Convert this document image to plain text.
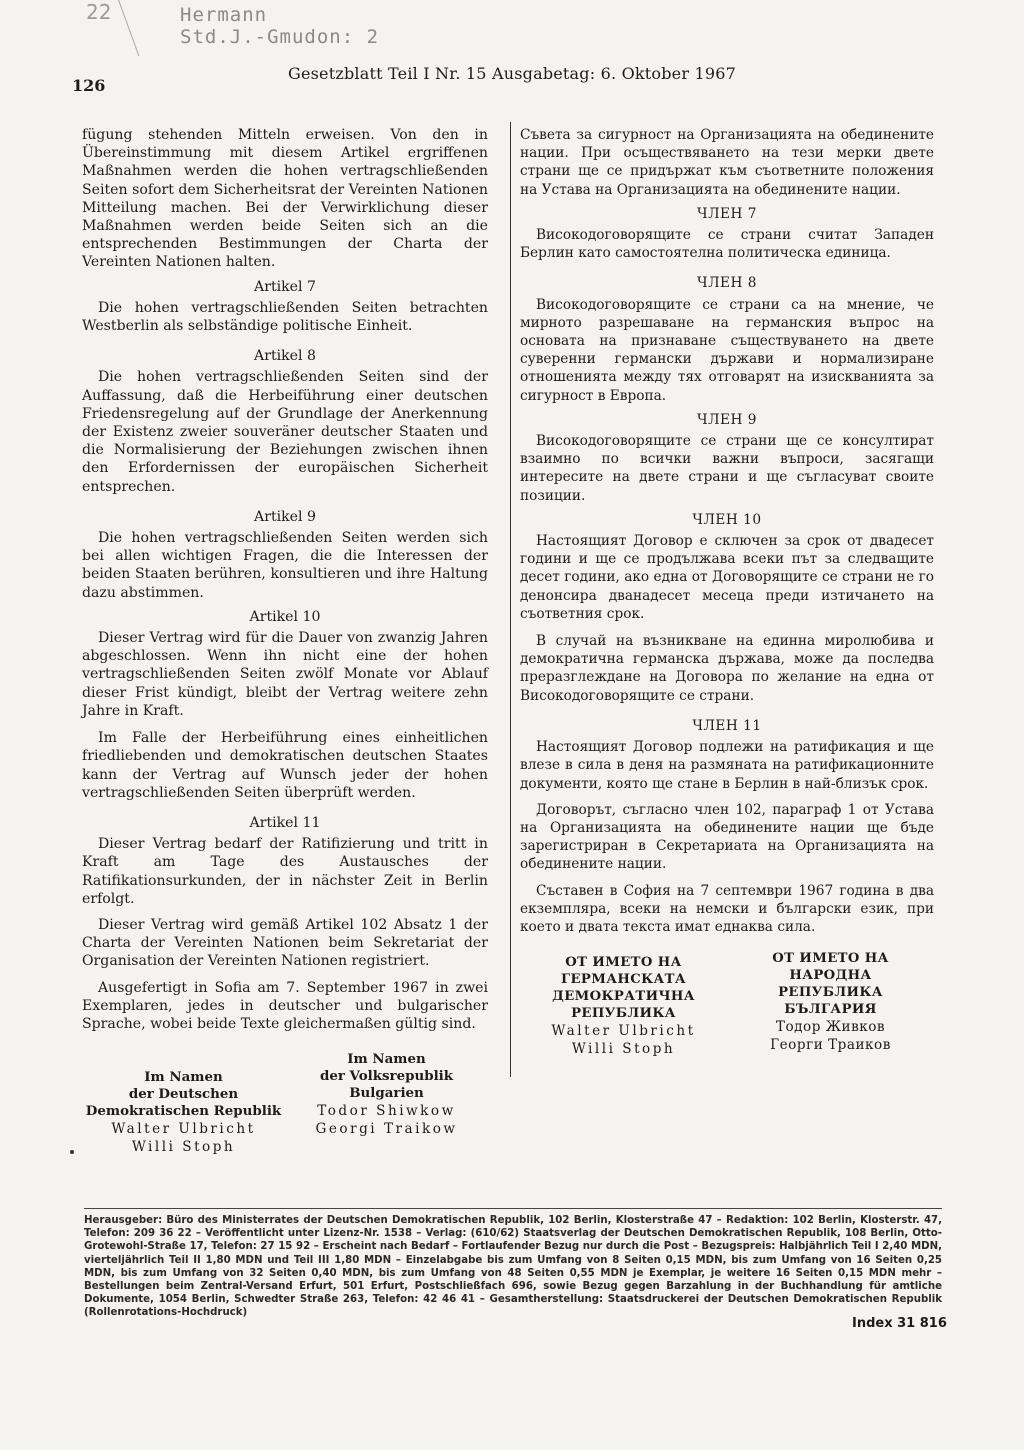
22	Hermann
Std.J.-Gmudon: 2
126
Gesetzblatt Teil I Nr. 15 Ausgabetag: 6. Oktober 1967

fügung stehenden Mitteln erweisen. Von den in Übereinstimmung mit diesem Artikel ergriffenen Maßnahmen werden die hohen vertragschließenden Seiten sofort dem Sicherheitsrat der Vereinten Nationen Mitteilung machen. Bei der Verwirklichung dieser Maßnahmen werden beide Seiten sich an die entsprechenden Bestimmungen der Charta der Vereinten Nationen halten.

Artikel 7

Die hohen vertragschließenden Seiten betrachten Westberlin als selbständige politische Einheit.

Artikel 8

Die hohen vertragschließenden Seiten sind der Auffassung, daß die Herbeiführung einer deutschen Friedensregelung auf der Grundlage der Anerkennung der Existenz zweier souveräner deutscher Staaten und die Normalisierung der Beziehungen zwischen ihnen den Erfordernissen der europäischen Sicherheit entsprechen.

Artikel 9

Die hohen vertragschließenden Seiten werden sich bei allen wichtigen Fragen, die die Interessen der beiden Staaten berühren, konsultieren und ihre Haltung dazu abstimmen.

Artikel 10

Dieser Vertrag wird für die Dauer von zwanzig Jahren abgeschlossen. Wenn ihn nicht eine der hohen vertragschließenden Seiten zwölf Monate vor Ablauf dieser Frist kündigt, bleibt der Vertrag weitere zehn Jahre in Kraft.

Im Falle der Herbeiführung eines einheitlichen friedliebenden und demokratischen deutschen Staates kann der Vertrag auf Wunsch jeder der hohen vertragschließenden Seiten überprüft werden.

Artikel 11

Dieser Vertrag bedarf der Ratifizierung und tritt in Kraft am Tage des Austausches der Ratifikationsurkunden, der in nächster Zeit in Berlin erfolgt.

Dieser Vertrag wird gemäß Artikel 102 Absatz 1 der Charta der Vereinten Nationen beim Sekretariat der Organisation der Vereinten Nationen registriert.

Ausgefertigt in Sofia am 7. September 1967 in zwei Exemplaren, jedes in deutscher und bulgarischer Sprache, wobei beide Texte gleichermaßen gültig sind.

Im Namen
der Deutschen
Demokratischen Republik
Walter Ulbricht
Willi Stoph
Im Namen
der Volksrepublik
Bulgarien
Todor Shiwkow
Georgi Traikow

Съвета за сигурност на Организацията на обединените нации. При осъществяването на тези мерки двете страни ще се придържат към съответните положения на Устава на Организацията на обединените нации.

ЧЛЕН 7

Високодоговорящите се страни считат Западен Берлин като самостоятелна политическа единица.

ЧЛЕН 8

Високодоговорящите се страни са на мнение, че мирното разрешаване на германския въпрос на основата на признаване съществуването на двете суверенни германски държави и нормализиране отношенията между тях отговарят на изискванията за сигурност в Европа.

ЧЛЕН 9

Високодоговорящите се страни ще се консултират взаимно по всички важни въпроси, засягащи интересите на двете страни и ще съгласуват своите позиции.

ЧЛЕН 10

Настоящият Договор е сключен за срок от двадесет години и ще се продължава всеки път за следващите десет години, ако една от Договорящите се страни не го денонсира дванадесет месеца преди изтичането на съответния срок.

В случай на възникване на единна миролюбива и демократична германска държава, може да последва преразглеждане на Договора по желание на една от Високодоговорящите се страни.

ЧЛЕН 11

Настоящият Договор подлежи на ратификация и ще влезе в сила в деня на размяната на ратификационните документи, която ще стане в Берлин в най-близък срок.

Договорът, съгласно член 102, параграф 1 от Устава на Организацията на обединените нации ще бъде зарегистриран в Секретариата на Организацията на обединените нации.

Съставен в София на 7 септември 1967 година в два екземпляра, всеки на немски и български език, при което и двата текста имат еднаква сила.

ОТ ИМЕТО НА
ГЕРМАНСКАТА
ДЕМОКРАТИЧНА
РЕПУБЛИКА
Walter Ulbricht
Willi Stoph
ОТ ИМЕТО НА
НАРОДНА
РЕПУБЛИКА
БЪЛГАРИЯ
Тодор Живков
Георги Траиков
Herausgeber: Büro des Ministerrates der Deutschen Demokratischen Republik, 102 Berlin, Klosterstraße 47 – Redaktion: 102 Berlin, Klosterstr. 47, Telefon: 209 36 22 – Veröffentlicht unter Lizenz-Nr. 1538 – Verlag: (610/62) Staatsverlag der Deutschen Demokratischen Republik, 108 Berlin, Otto-Grotewohl-Straße 17, Telefon: 27 15 92 – Erscheint nach Bedarf – Fortlaufender Bezug nur durch die Post – Bezugspreis: Halbjährlich Teil I 2,40 MDN, vierteljährlich Teil II 1,80 MDN und Teil III 1,80 MDN – Einzelabgabe bis zum Umfang von 8 Seiten 0,15 MDN, bis zum Umfang von 16 Seiten 0,25 MDN, bis zum Umfang von 32 Seiten 0,40 MDN, bis zum Umfang von 48 Seiten 0,55 MDN je Exemplar, je weitere 16 Seiten 0,15 MDN mehr – Bestellungen beim Zentral-Versand Erfurt, 501 Erfurt, Postschließfach 696, sowie Bezug gegen Barzahlung in der Buchhandlung für amtliche Dokumente, 1054 Berlin, Schwedter Straße 263, Telefon: 42 46 41 – Gesamtherstellung: Staatsdruckerei der Deutschen Demokratischen Republik (Rollenrotations-Hochdruck)
Index 31 816
